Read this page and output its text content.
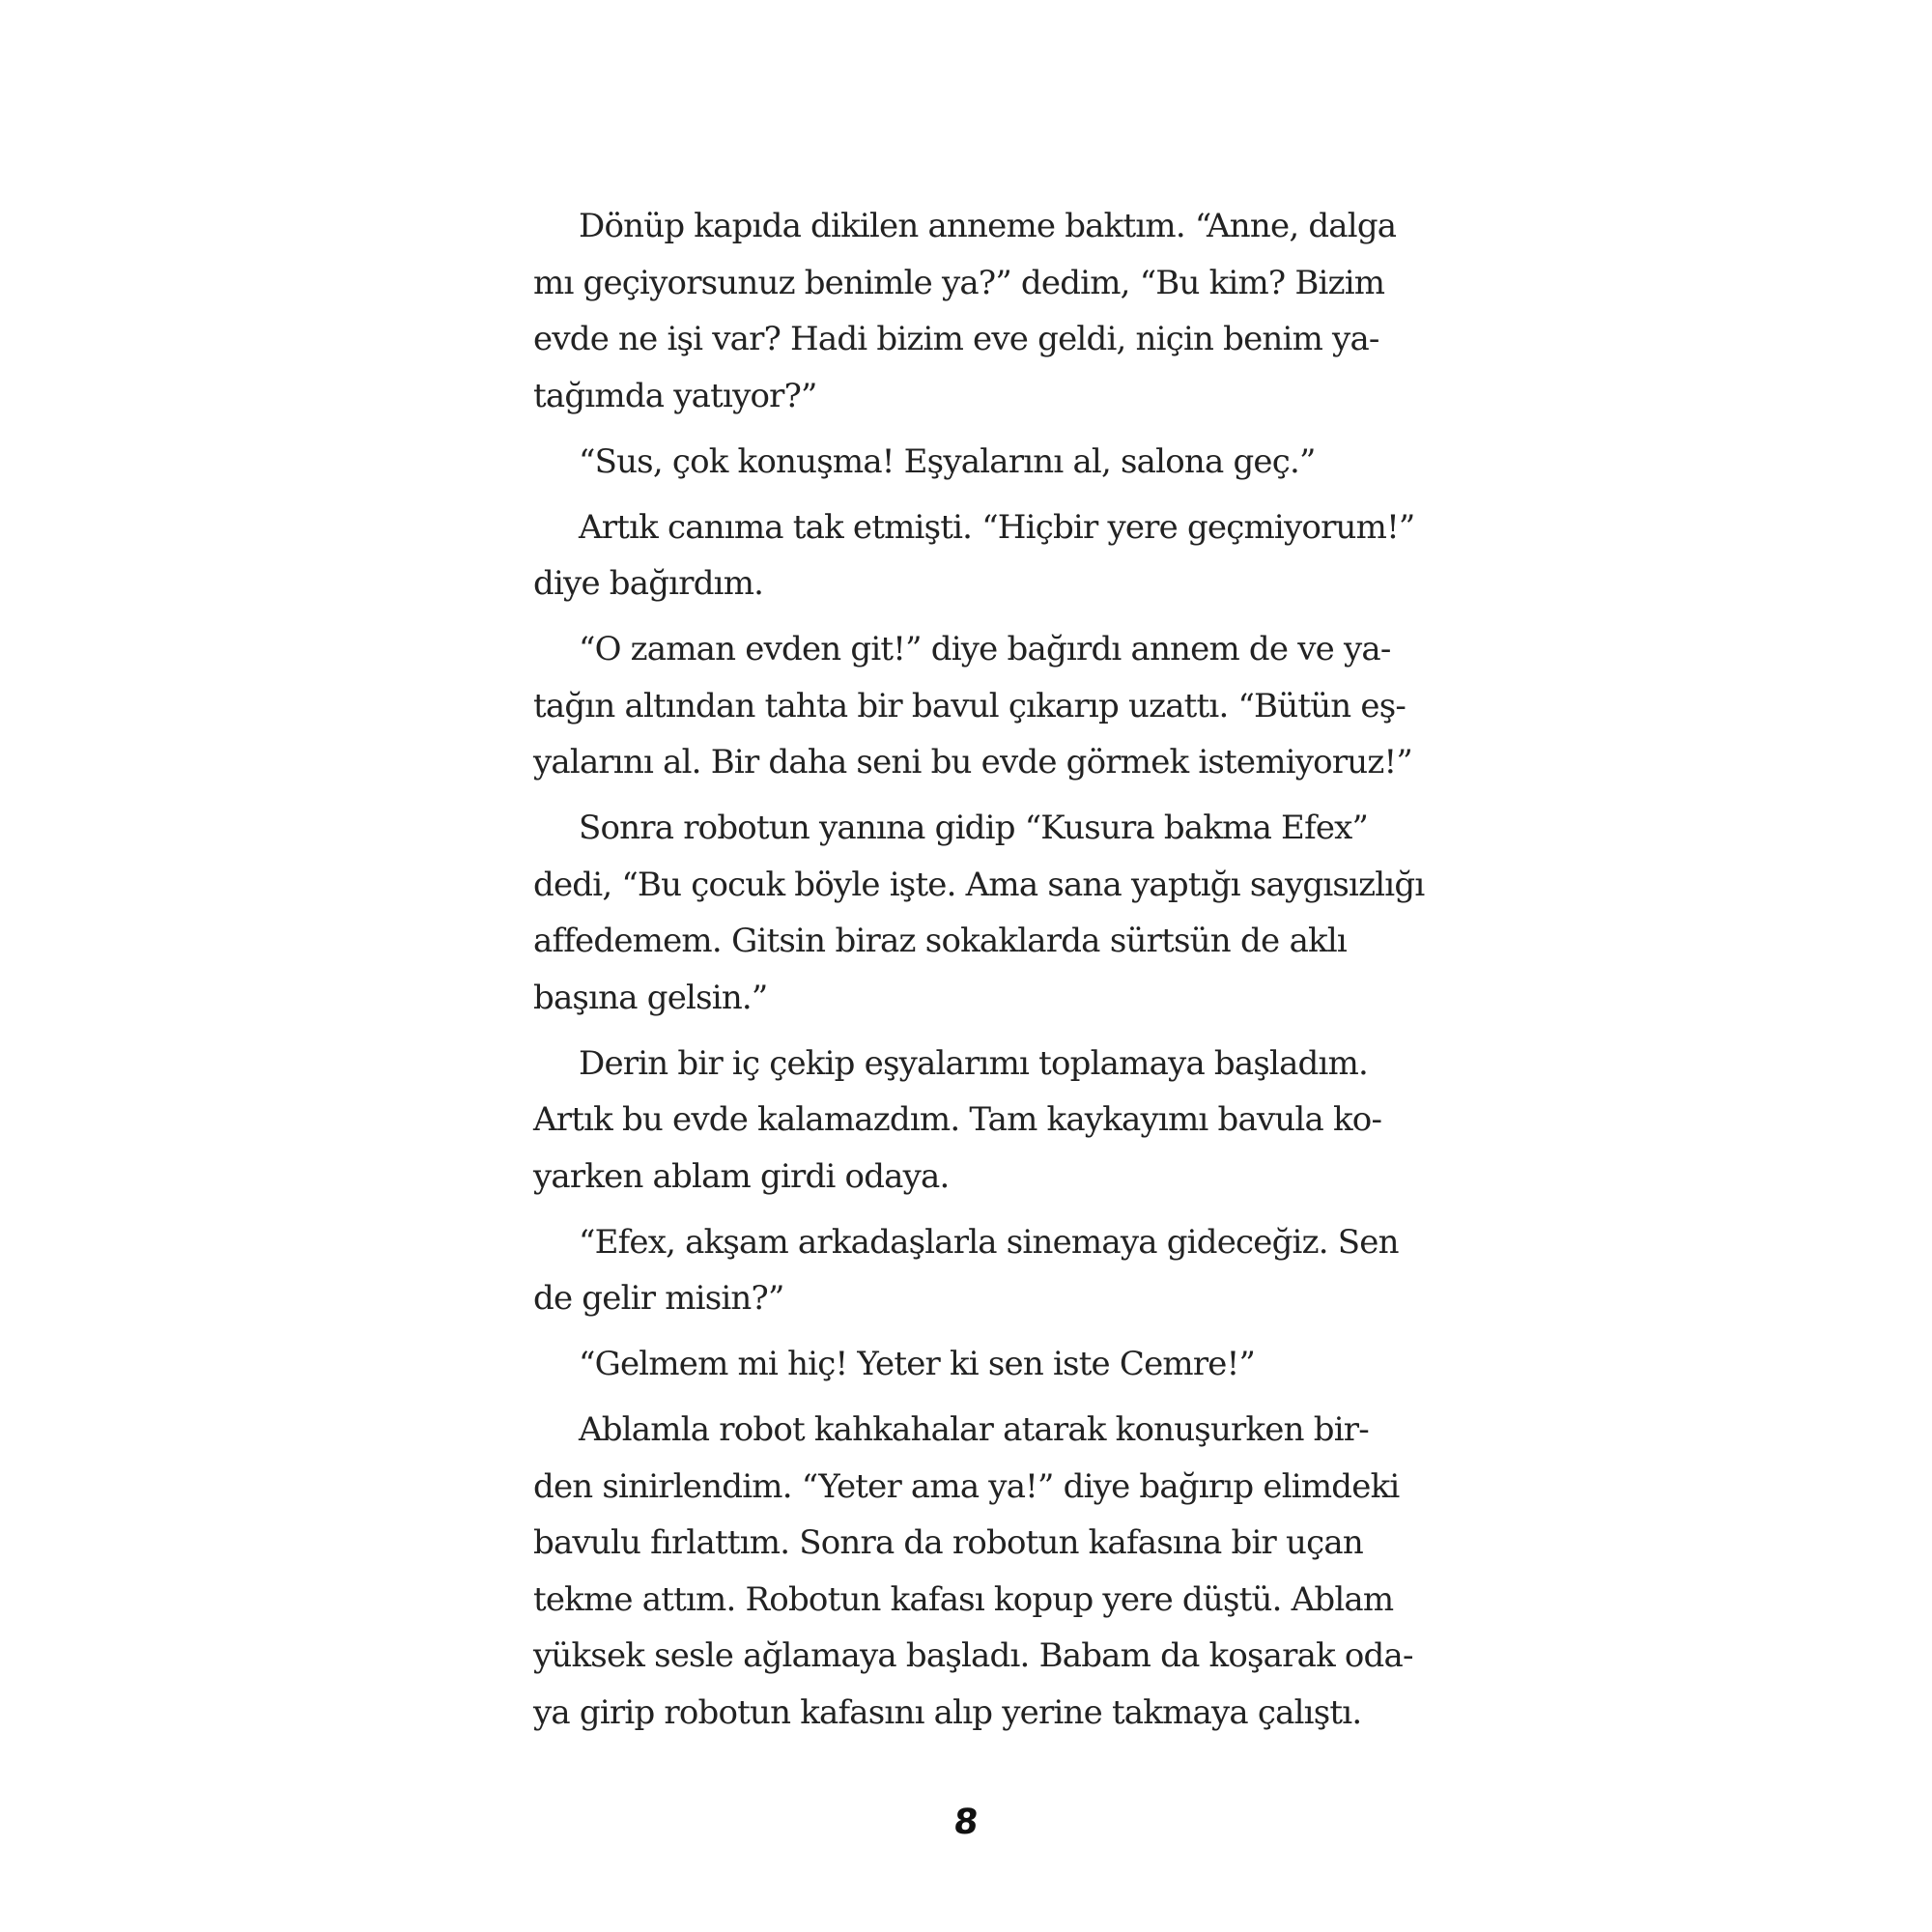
Dönüp kapıda dikilen anneme baktım. “Anne, dalga
mı geçiyorsunuz benimle ya?” dedim, “Bu kim? Bizim
evde ne işi var? Hadi bizim eve geldi, niçin benim ya-
tağımda yatıyor?”
“Sus, çok konuşma! Eşyalarını al, salona geç.”
Artık canıma tak etmişti. “Hiçbir yere geçmiyorum!”
diye bağırdım.
“O zaman evden git!” diye bağırdı annem de ve ya-
tağın altından tahta bir bavul çıkarıp uzattı. “Bütün eş-
yalarını al. Bir daha seni bu evde görmek istemiyoruz!”
Sonra robotun yanına gidip “Kusura bakma Efex”
dedi, “Bu çocuk böyle işte. Ama sana yaptığı saygısızlığı
affedemem. Gitsin biraz sokaklarda sürtsün de aklı
başına gelsin.”
Derin bir iç çekip eşyalarımı toplamaya başladım.
Artık bu evde kalamazdım. Tam kaykayımı bavula ko-
yarken ablam girdi odaya.
“Efex, akşam arkadaşlarla sinemaya gideceğiz. Sen
de gelir misin?”
“Gelmem mi hiç! Yeter ki sen iste Cemre!”
Ablamla robot kahkahalar atarak konuşurken bir-
den sinirlendim. “Yeter ama ya!” diye bağırıp elimdeki
bavulu fırlattım. Sonra da robotun kafasına bir uçan
tekme attım. Robotun kafası kopup yere düştü. Ablam
yüksek sesle ağlamaya başladı. Babam da koşarak oda-
ya girip robotun kafasını alıp yerine takmaya çalıştı.
8
